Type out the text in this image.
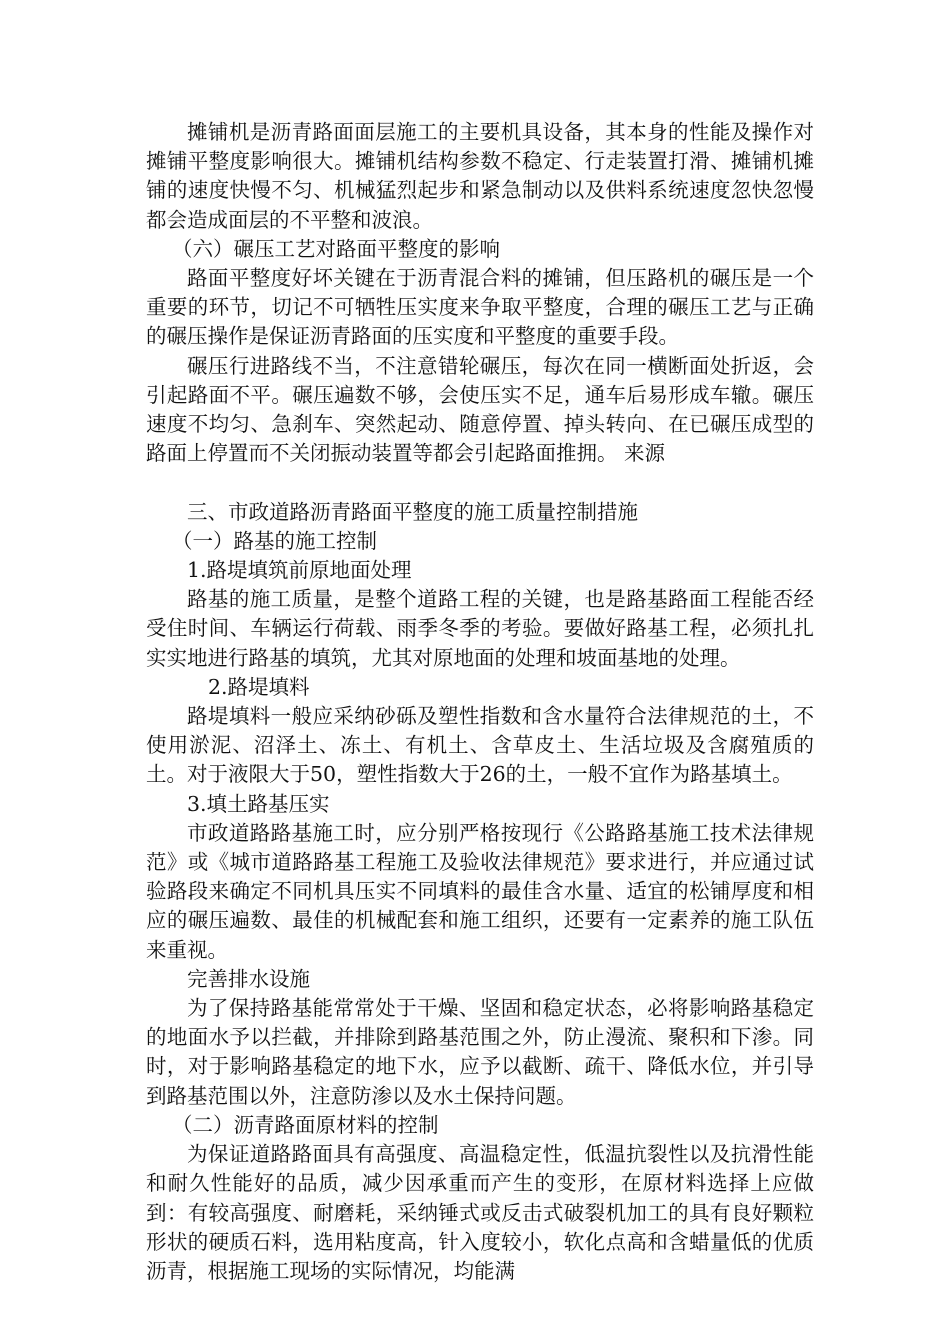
摊铺机是沥青路面面层施工的主要机具设备，其本身的性能及操作对摊铺平整度影响很大。摊铺机结构参数不稳定、行走装置打滑、摊铺机摊铺的速度快慢不匀、机械猛烈起步和紧急制动以及供料系统速度忽快忽慢都会造成面层的不平整和波浪。

（六）碾压工艺对路面平整度的影响

路面平整度好坏关键在于沥青混合料的摊铺，但压路机的碾压是一个重要的环节，切记不可牺牲压实度来争取平整度，合理的碾压工艺与正确的碾压操作是保证沥青路面的压实度和平整度的重要手段。

碾压行进路线不当，不注意错轮碾压，每次在同一横断面处折返，会引起路面不平。碾压遍数不够，会使压实不足，通车后易形成车辙。碾压速度不均匀、急刹车、突然起动、随意停置、掉头转向、在已碾压成型的路面上停置而不关闭振动装置等都会引起路面推拥。 来源

三、市政道路沥青路面平整度的施工质量控制措施

（一）路基的施工控制

1.路堤填筑前原地面处理

路基的施工质量，是整个道路工程的关键，也是路基路面工程能否经受住时间、车辆运行荷载、雨季冬季的考验。要做好路基工程，必须扎扎实实地进行路基的填筑，尤其对原地面的处理和坡面基地的处理。

2.路堤填料

路堤填料一般应采纳砂砾及塑性指数和含水量符合法律规范的土，不使用淤泥、沼泽土、冻土、有机土、含草皮土、生活垃圾及含腐殖质的土。对于液限大于50，塑性指数大于26的土，一般不宜作为路基填土。

3.填土路基压实

市政道路路基施工时，应分别严格按现行《公路路基施工技术法律规范》或《城市道路路基工程施工及验收法律规范》要求进行，并应通过试验路段来确定不同机具压实不同填料的最佳含水量、适宜的松铺厚度和相应的碾压遍数、最佳的机械配套和施工组织，还要有一定素养的施工队伍来重视。

完善排水设施

为了保持路基能常常处于干燥、坚固和稳定状态，必将影响路基稳定的地面水予以拦截，并排除到路基范围之外，防止漫流、聚积和下渗。同时，对于影响路基稳定的地下水，应予以截断、疏干、降低水位，并引导到路基范围以外，注意防渗以及水土保持问题。

（二）沥青路面原材料的控制

为保证道路路面具有高强度、高温稳定性，低温抗裂性以及抗滑性能和耐久性能好的品质，减少因承重而产生的变形，在原材料选择上应做到：有较高强度、耐磨耗，采纳锤式或反击式破裂机加工的具有良好颗粒形状的硬质石料，选用粘度高，针入度较小，软化点高和含蜡量低的优质沥青，根据施工现场的实际情况，均能满
